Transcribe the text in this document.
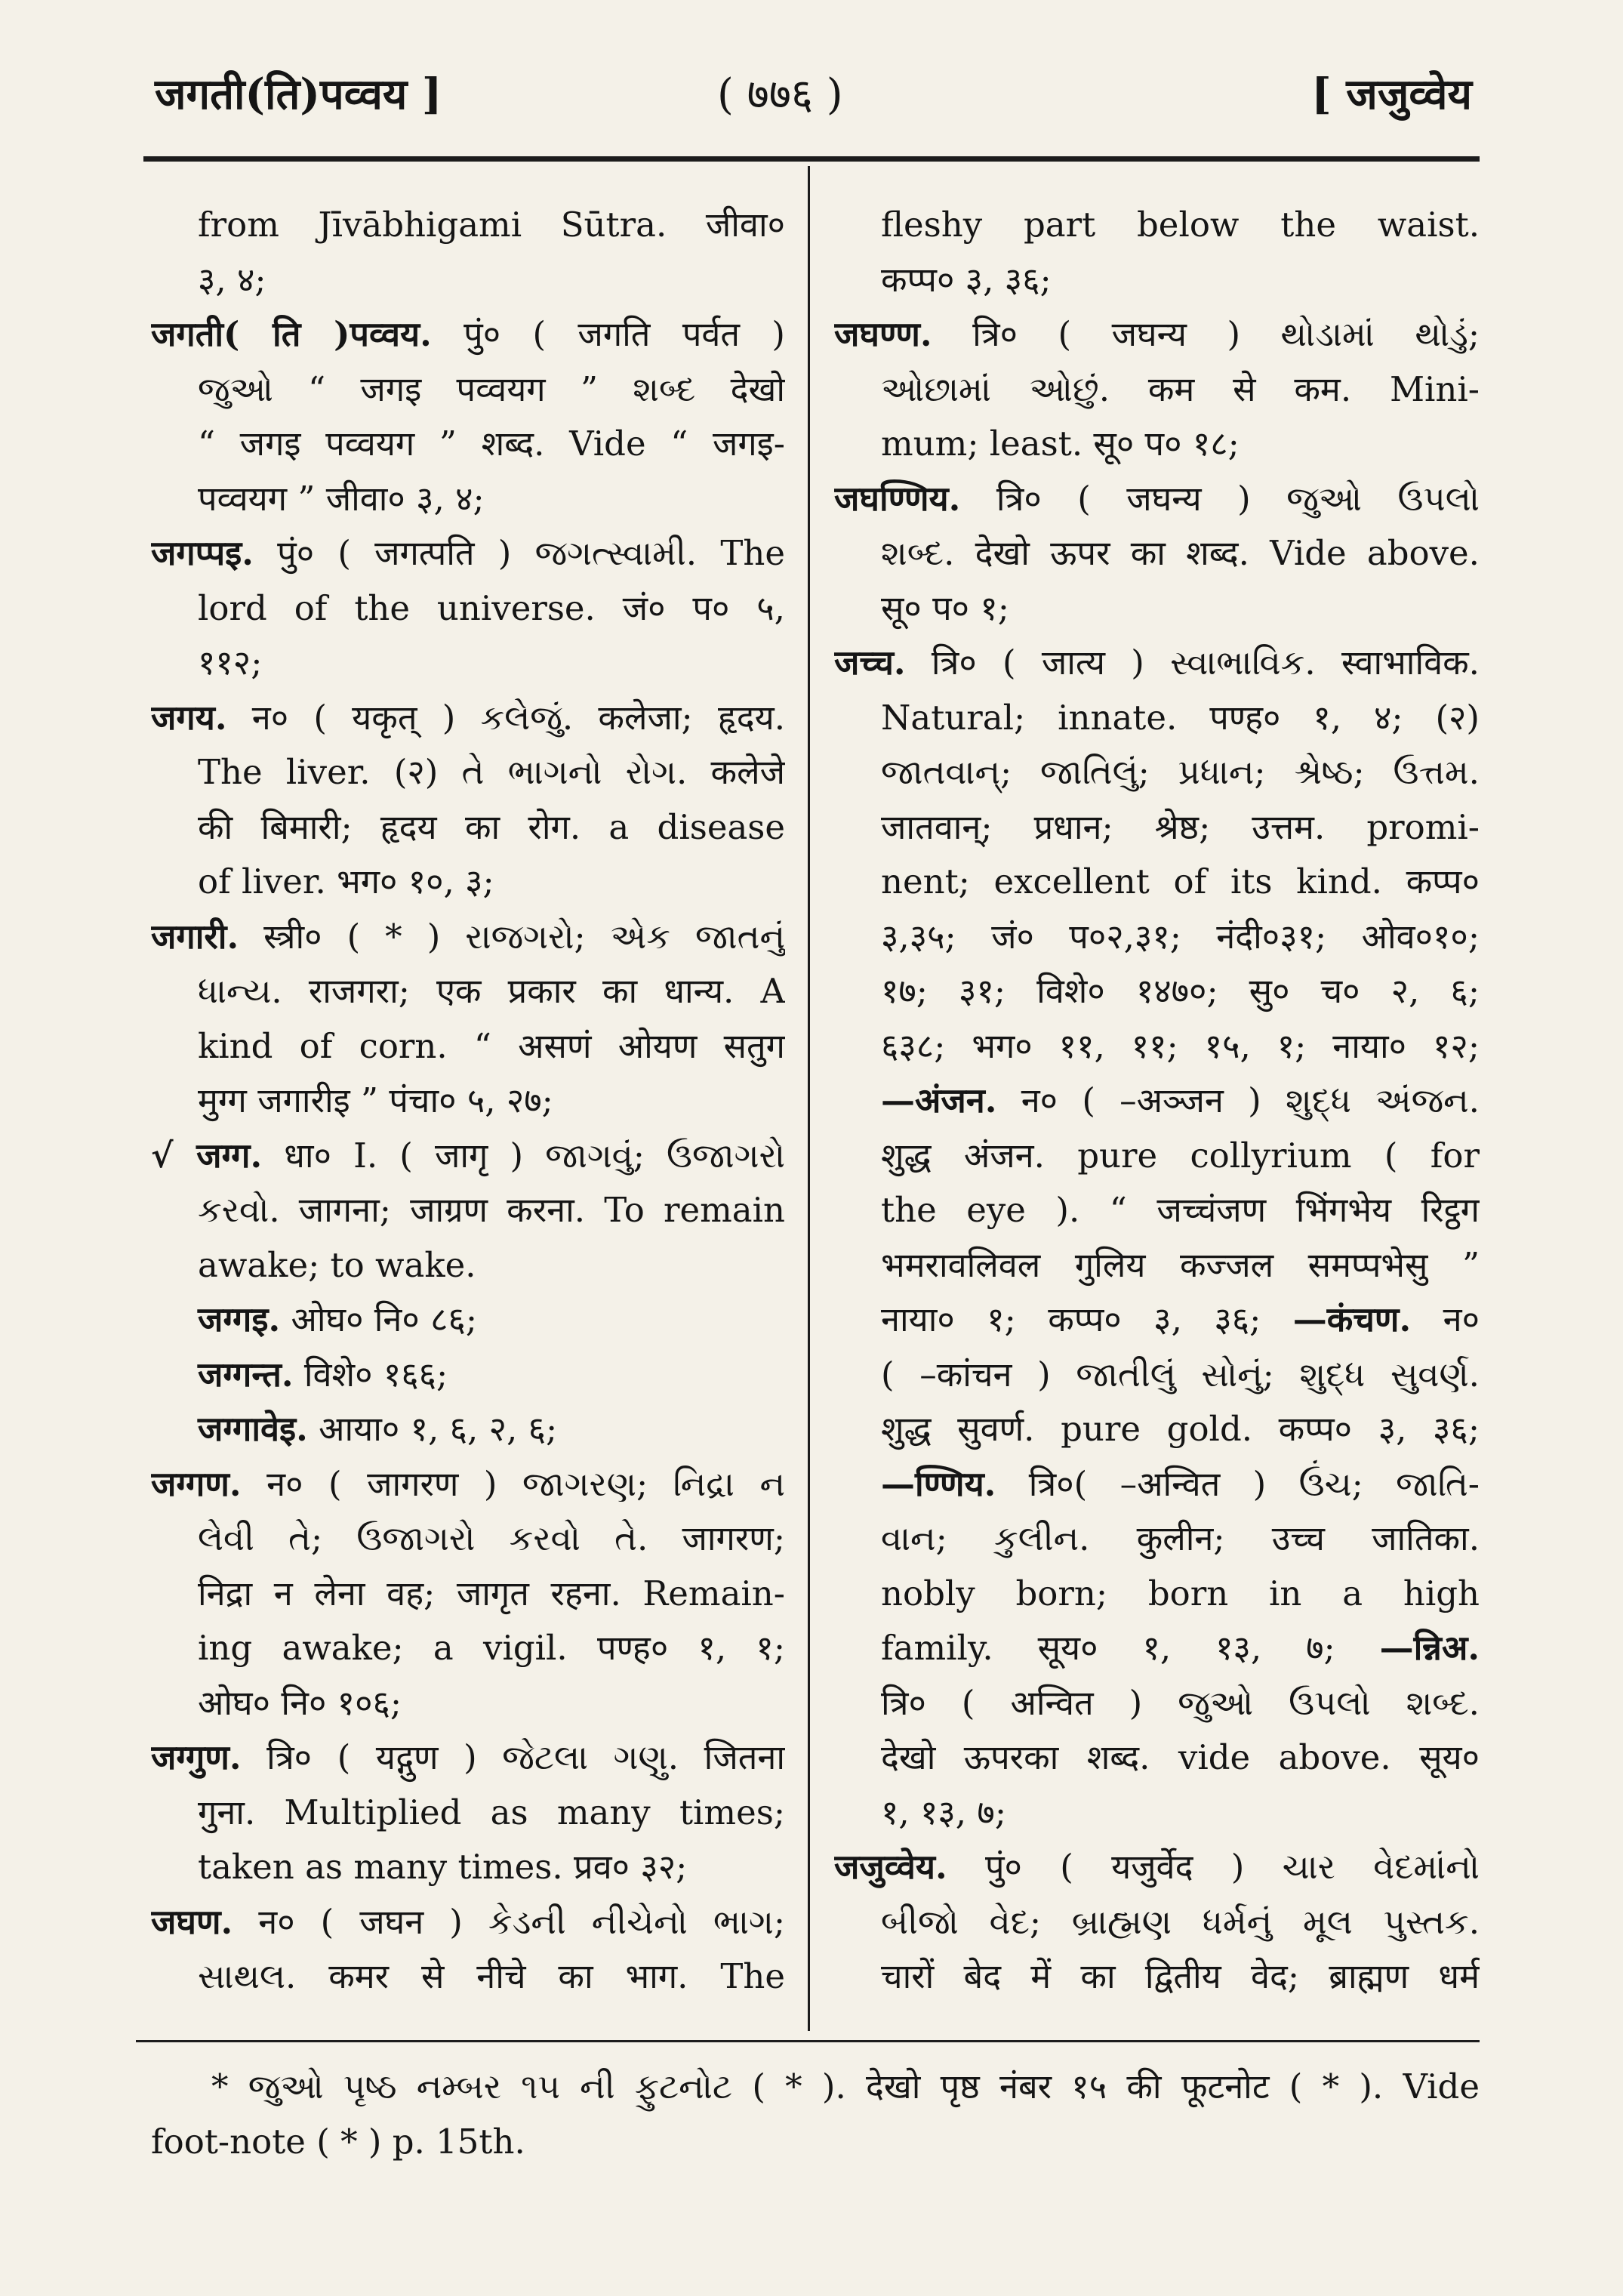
जगती(ति)पव्वय ]	( ७७६ )	[ जजुव्वेय
from Jīvābhigami Sūtra. जीवा०
३, ४;
जगती( ति )पव्वय. पुं० ( जगति पर्वत )
જુઓ “ जगइ पव्वयग ” શબ્દ देखो
“ जगइ पव्वयग ” शब्द. Vide “ जगइ-
पव्वयग ” जीवा० ३, ४;
जगप्पइ. पुं० ( जगत्पति ) જગત્સ્વામી. The
lord of the universe. जं० प० ५,
११२;
जगय. न० ( यकृत् ) કલેજું. कलेजा; हृदय.
The liver. (२) તે ભાગનો રોગ. कलेजे
की बिमारी; हृदय का रोग. a disease
of liver. भग० १०, ३;
जगारी. स्त्री० ( * ) રાજગરો; એક જાતનું
ધાન્ય. राजगरा; एक प्रकार का धान्य. A
kind of corn. “ असणं ओयण सतुग
मुग्ग जगारीइ ” पंचा० ५, २७;
√ जग्ग. धा० I. ( जागृ ) જાગવું; ઉજાગરો
કરવો. जागना; जाग्रण करना. To remain
awake; to wake.
जग्गइ. ओघ० नि० ८६;
जग्गन्त. विशे० १६६;
जग्गावेइ. आया० १, ६, २, ६;
जग्गण. न० ( जागरण ) જાગરણ; નિદ્રા ન
લેવી તે; ઉજાગરો કરવો તે. जागरण;
निद्रा न लेना वह; जागृत रहना. Remain-
ing awake; a vigil. पण्ह० १, १;
ओघ० नि० १०६;
जग्गुण. त्रि० ( यद्गुण ) જેટલા ગણુ. जितना
गुना. Multiplied as many times;
taken as many times. प्रव० ३२;
जघण. न० ( जघन ) કેડની નીચેનો ભાગ;
સાથલ. कमर से नीचे का भाग. The
fleshy part below the waist.
कप्प० ३, ३६;
जघण्ण. त्रि० ( जघन्य ) થોડામાં થોડું;
ઓછામાં ઓછું. कम से कम. Mini-
mum; least. सू० प० १८;
जघण्णिय. त्रि० ( जघन्य ) જુઓ ઉપલો
શબ્દ. देखो ऊपर का शब्द. Vide above.
सू० प० १;
जच्च. त्रि० ( जात्य ) સ્વાભાવિક. स्वाभाविक.
Natural; innate. पण्ह० १, ४; (२)
જાતવાન્; જાતિલું; પ્રધાન; શ્રેષ્ઠ; ઉત્તમ.
जातवान्; प्रधान; श्रेष्ठ; उत्तम. promi-
nent; excellent of its kind. कप्प०
३,३५; जं० प०२,३१; नंदी०३१; ओव०१०;
१७; ३१; विशे० १४७०; सु० च० २, ६;
६३८; भग० ११, ११; १५, १; नाया० १२;
—अंजन. न० ( –अञ्जन ) શુદ્ધ અંજન.
शुद्ध अंजन. pure collyrium ( for
the eye ). “ जच्चंजण भिंगभेय रिट्ठग
भमरावलिवल गुलिय कज्जल समप्पभेसु ”
नाया० १; कप्प० ३, ३६; —कंचण. न०
( –कांचन ) જાતીલું સોનું; શુદ્ધ સુવર્ણ.
शुद्ध सुवर्ण. pure gold. कप्प० ३, ३६;
—ण्णिय. त्रि०( –अन्वित ) ઉંચ; જાતિ-
વાન; કુલીન. कुलीन; उच्च जातिका.
nobly born; born in a high
family. सूय० १, १३, ७; —न्निअ.
त्रि० ( अन्वित ) જુઓ ઉપલો શબ્દ.
देखो ऊपरका शब्द. vide above. सूय०
१, १३, ७;
जजुव्वेय. पुं० ( यजुर्वेद ) ચાર વેદમાંનો
બીજો વેદ; બ્રાહ્મણ ધર્મનું મૂલ પુસ્તક.
चारों बेद में का द्वितीय वेद; ब्राह्मण धर्म
* જુઓ પૃષ્ઠ નમ્બર ૧૫ ની ફુટનોટ ( * ). देखो पृष्ठ नंबर १५ की फूटनोट ( * ). Vide
foot-note ( * ) p. 15th.
